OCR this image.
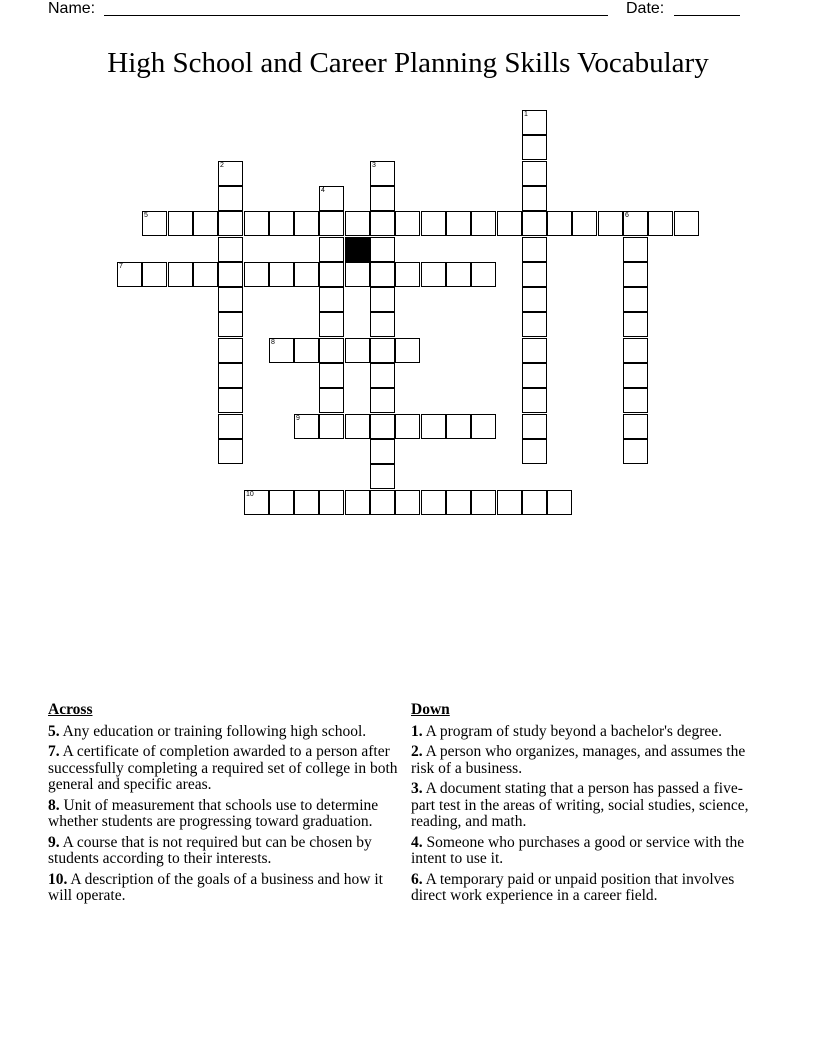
Name:	Date:
High School and Career Planning Skills Vocabulary
1
2	3
4
5	6
7
8
9
10
Across
5. Any education or training following high school.
7. A certificate of completion awarded to a person after successfully completing a required set of college in both general and specific areas.
8. Unit of measurement that schools use to determine whether students are progressing toward graduation.
9. A course that is not required but can be chosen by students according to their interests.
10. A description of the goals of a business and how it will operate.
Down
1. A program of study beyond a bachelor's degree.
2. A person who organizes, manages, and assumes the risk of a business.
3. A document stating that a person has passed a five-part test in the areas of writing, social studies, science, reading, and math.
4. Someone who purchases a good or service with the intent to use it.
6. A temporary paid or unpaid position that involves direct work experience in a career field.
